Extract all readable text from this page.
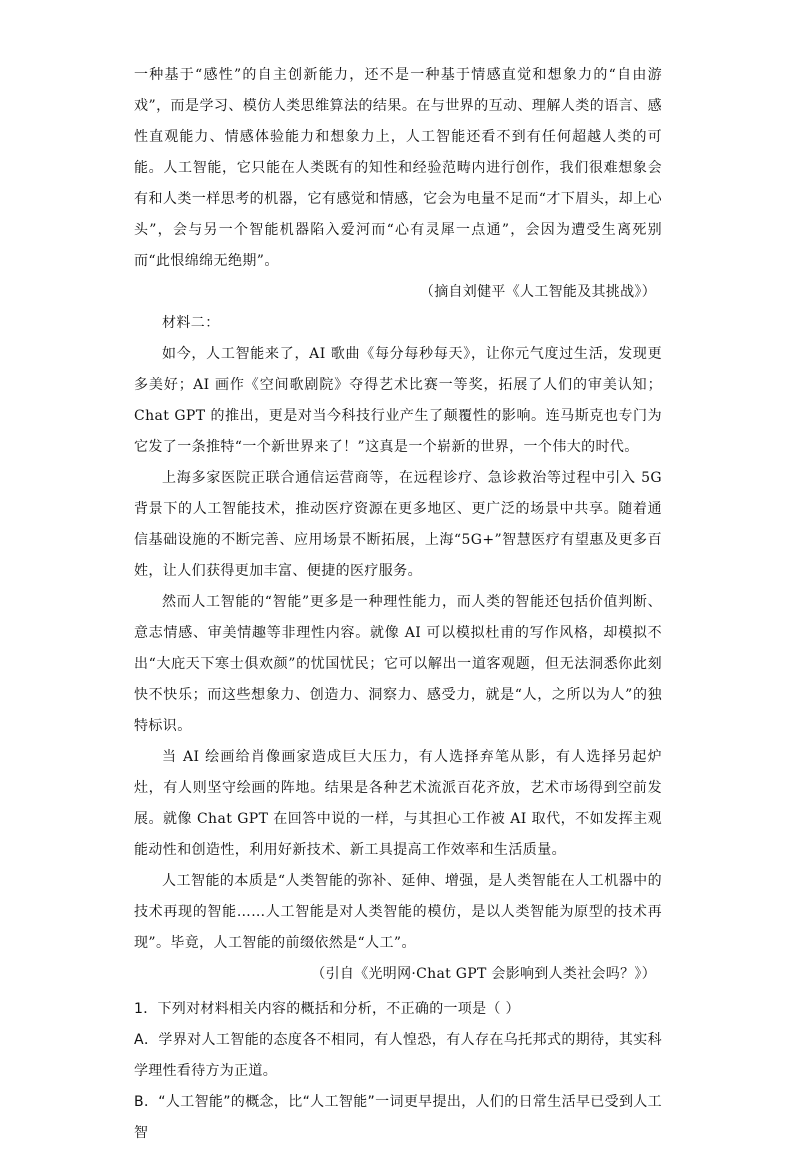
一种基于“感性”的自主创新能力，还不是一种基于情感直觉和想象力的“自由游戏”，而是学习、模仿人类思维算法的结果。在与世界的互动、理解人类的语言、感性直观能力、情感体验能力和想象力上，人工智能还看不到有任何超越人类的可能。人工智能，它只能在人类既有的知性和经验范畴内进行创作，我们很难想象会有和人类一样思考的机器，它有感觉和情感，它会为电量不足而“才下眉头，却上心头”，会与另一个智能机器陷入爱河而“心有灵犀一点通”，会因为遭受生离死别而“此恨绵绵无绝期”。

（摘自刘健平《人工智能及其挑战》）

材料二：

如今，人工智能来了，AI 歌曲《每分每秒每天》，让你元气度过生活，发现更多美好；AI 画作《空间歌剧院》夺得艺术比赛一等奖，拓展了人们的审美认知；Chat GPT 的推出，更是对当今科技行业产生了颠覆性的影响。连马斯克也专门为它发了一条推特“一个新世界来了！”这真是一个崭新的世界，一个伟大的时代。

上海多家医院正联合通信运营商等，在远程诊疗、急诊救治等过程中引入 5G 背景下的人工智能技术，推动医疗资源在更多地区、更广泛的场景中共享。随着通信基础设施的不断完善、应用场景不断拓展，上海“5G+”智慧医疗有望惠及更多百姓，让人们获得更加丰富、便捷的医疗服务。

然而人工智能的“智能”更多是一种理性能力，而人类的智能还包括价值判断、意志情感、审美情趣等非理性内容。就像 AI 可以模拟杜甫的写作风格，却模拟不出“大庇天下寒士俱欢颜”的忧国忧民；它可以解出一道客观题，但无法洞悉你此刻快不快乐；而这些想象力、创造力、洞察力、感受力，就是“人，之所以为人”的独特标识。

当 AI 绘画给肖像画家造成巨大压力，有人选择弃笔从影，有人选择另起炉灶，有人则坚守绘画的阵地。结果是各种艺术流派百花齐放，艺术市场得到空前发展。就像 Chat GPT 在回答中说的一样，与其担心工作被 AI 取代，不如发挥主观能动性和创造性，利用好新技术、新工具提高工作效率和生活质量。

人工智能的本质是“人类智能的弥补、延伸、增强，是人类智能在人工机器中的技术再现的智能……人工智能是对人类智能的模仿，是以人类智能为原型的技术再现”。毕竟，人工智能的前缀依然是“人工”。

（引自《光明网·Chat GPT 会影响到人类社会吗？》）

1．下列对材料相关内容的概括和分析，不正确的一项是（ ）

A．学界对人工智能的态度各不相同，有人惶恐，有人存在乌托邦式的期待，其实科学理性看待方为正道。

B．“人工智能”的概念，比“人工智能”一词更早提出，人们的日常生活早已受到人工智
